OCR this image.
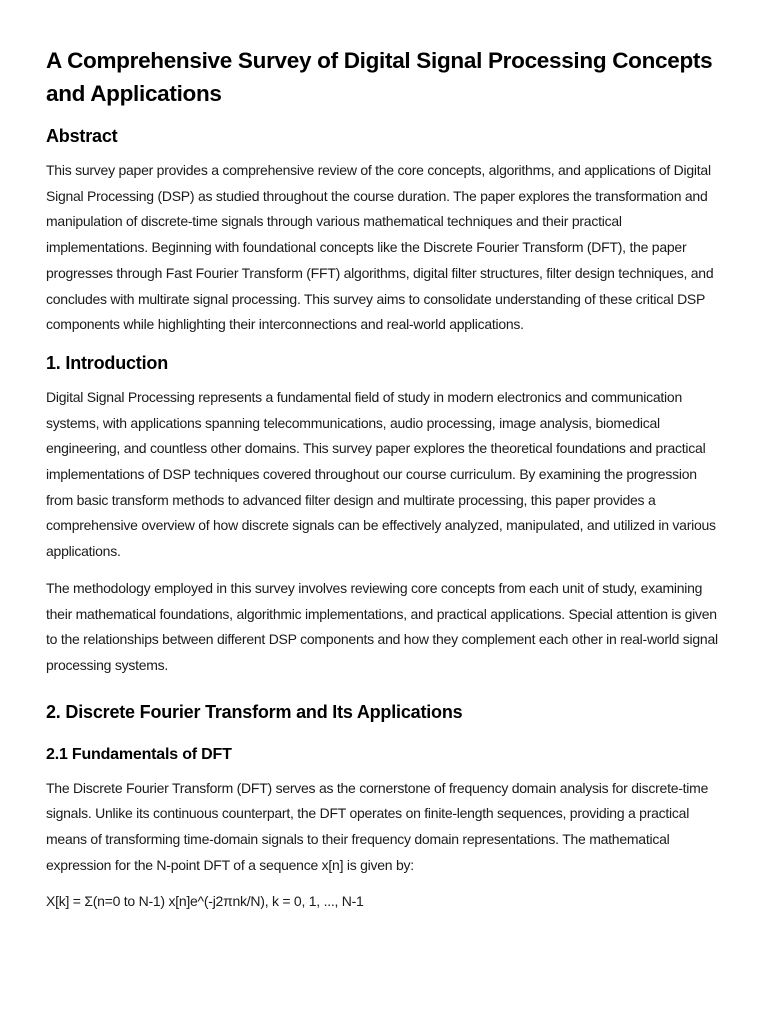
A Comprehensive Survey of Digital Signal Processing Concepts and Applications
Abstract

This survey paper provides a comprehensive review of the core concepts, algorithms, and applications of Digital Signal Processing (DSP) as studied throughout the course duration. The paper explores the transformation and manipulation of discrete-time signals through various mathematical techniques and their practical implementations. Beginning with foundational concepts like the Discrete Fourier Transform (DFT), the paper progresses through Fast Fourier Transform (FFT) algorithms, digital filter structures, filter design techniques, and concludes with multirate signal processing. This survey aims to consolidate understanding of these critical DSP components while highlighting their interconnections and real-world applications.

1. Introduction

Digital Signal Processing represents a fundamental field of study in modern electronics and communication systems, with applications spanning telecommunications, audio processing, image analysis, biomedical engineering, and countless other domains. This survey paper explores the theoretical foundations and practical implementations of DSP techniques covered throughout our course curriculum. By examining the progression from basic transform methods to advanced filter design and multirate processing, this paper provides a comprehensive overview of how discrete signals can be effectively analyzed, manipulated, and utilized in various applications.

The methodology employed in this survey involves reviewing core concepts from each unit of study, examining their mathematical foundations, algorithmic implementations, and practical applications. Special attention is given to the relationships between different DSP components and how they complement each other in real-world signal processing systems.

2. Discrete Fourier Transform and Its Applications
2.1 Fundamentals of DFT

The Discrete Fourier Transform (DFT) serves as the cornerstone of frequency domain analysis for discrete-time signals. Unlike its continuous counterpart, the DFT operates on finite-length sequences, providing a practical means of transforming time-domain signals to their frequency domain representations. The mathematical expression for the N-point DFT of a sequence x[n] is given by:

X[k] = Σ(n=0 to N-1) x[n]e^(-j2πnk/N), k = 0, 1, ..., N-1
